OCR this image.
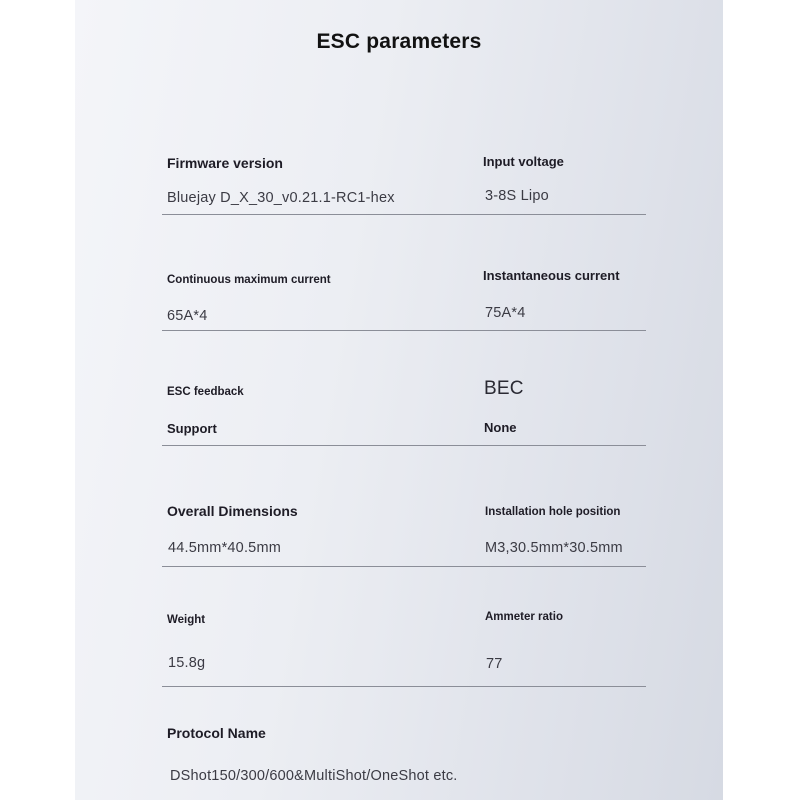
ESC parameters
Firmware version
Bluejay D_X_30_v0.21.1-RC1-hex
Input voltage
3-8S Lipo
Continuous maximum current
65A*4
Instantaneous current
75A*4
ESC feedback
Support
BEC
None
Overall Dimensions
44.5mm*40.5mm
Installation hole position
M3,30.5mm*30.5mm
Weight
15.8g
Ammeter ratio
77
Protocol Name
DShot150/300/600&MultiShot/OneShot etc.
